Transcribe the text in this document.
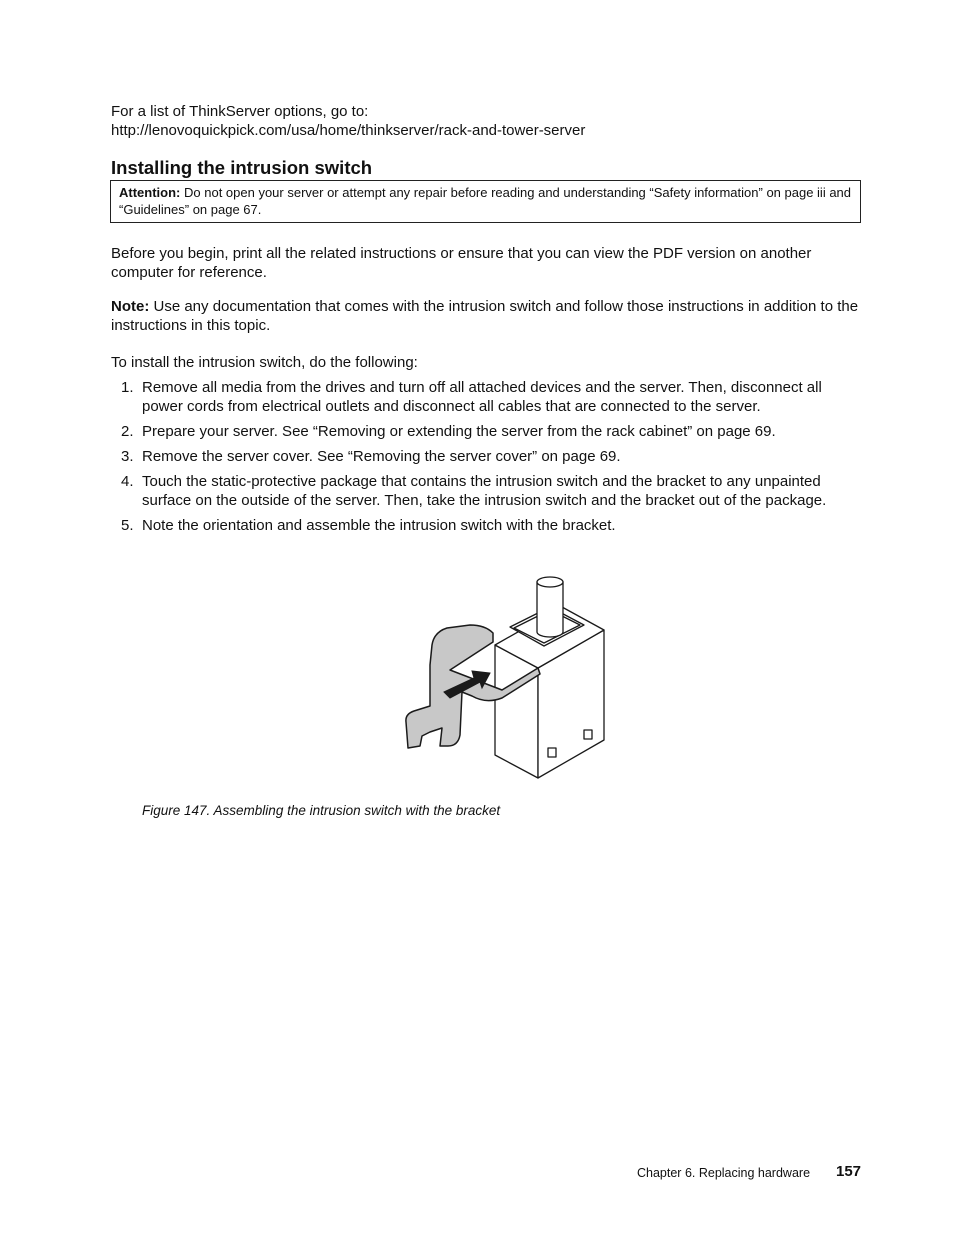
For a list of ThinkServer options, go to:
http://lenovoquickpick.com/usa/home/thinkserver/rack-and-tower-server

Installing the intrusion switch
Attention: Do not open your server or attempt any repair before reading and understanding “Safety information” on page iii and “Guidelines” on page 67.

Before you begin, print all the related instructions or ensure that you can view the PDF version on another computer for reference.

Note: Use any documentation that comes with the intrusion switch and follow those instructions in addition to the instructions in this topic.

To install the intrusion switch, do the following:

1. Remove all media from the drives and turn off all attached devices and the server. Then, disconnect all power cords from electrical outlets and disconnect all cables that are connected to the server.
2. Prepare your server. See “Removing or extending the server from the rack cabinet” on page 69.
3. Remove the server cover. See “Removing the server cover” on page 69.
4. Touch the static-protective package that contains the intrusion switch and the bracket to any unpainted surface on the outside of the server. Then, take the intrusion switch and the bracket out of the package.
5. Note the orientation and assemble the intrusion switch with the bracket.
Figure 147. Assembling the intrusion switch with the bracket
Chapter 6. Replacing hardware 157
